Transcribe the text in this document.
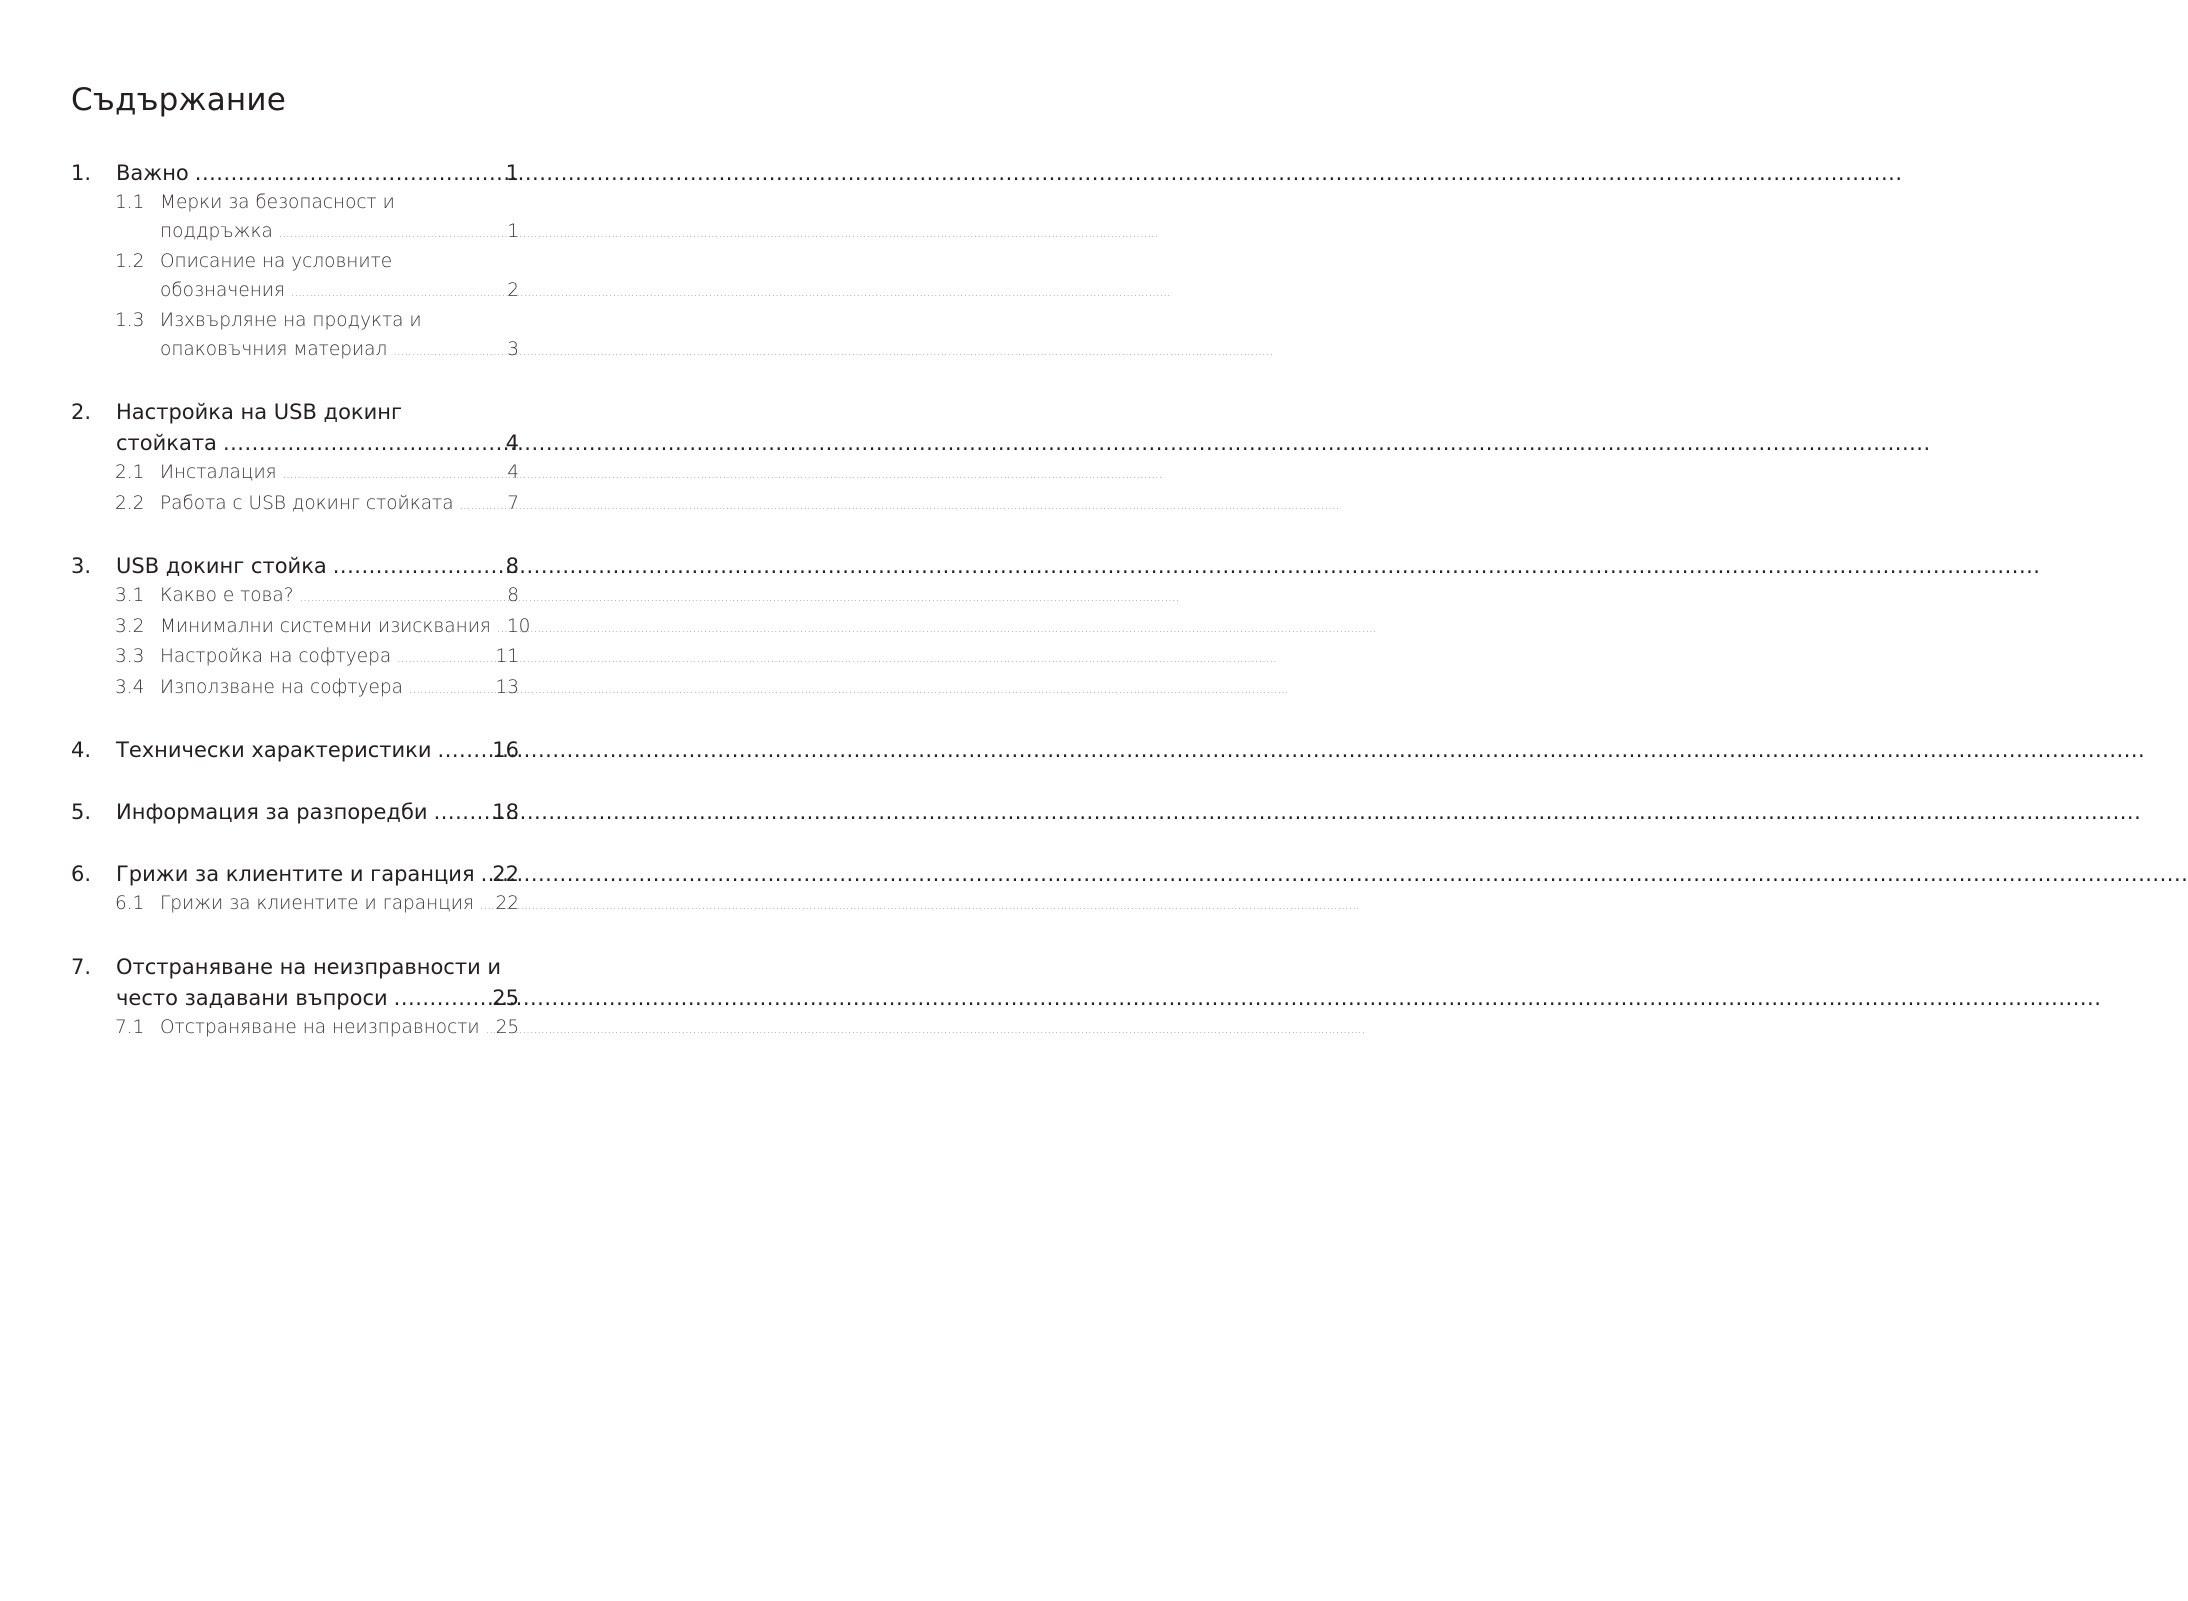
Съдържание
1.	Важно .....	1
1.1 Мерки за безопасност и
поддръжка .....	1
1.2 Описание на условните
обозначения .....	2
1.3 Изхвърляне на продукта и
опаковъчния материал .....	3
2.	Настройка на USB докинг
стойката .....	4
2.1 Инсталация .....	4
2.2 Работа с USB докинг стойката .....	7
3.	USB докинг стойка .....	8
3.1 Какво е това? .....	8
3.2 Минимални системни изисквания ..... 10
3.3 Настройка на софтуера .....	11
3.4 Използване на софтуера .....	13
4.	Технически характеристики .....	16
5.	Информация за разпоредби .....	18
6.	Грижи за клиентите и гаранция ..... 22
6.1 Грижи за клиентите и гаранция ..... 22
7.	Отстраняване на неизправности и
често задавани въпроси .....	25
7.1 Отстраняване на неизправности ..... 25
